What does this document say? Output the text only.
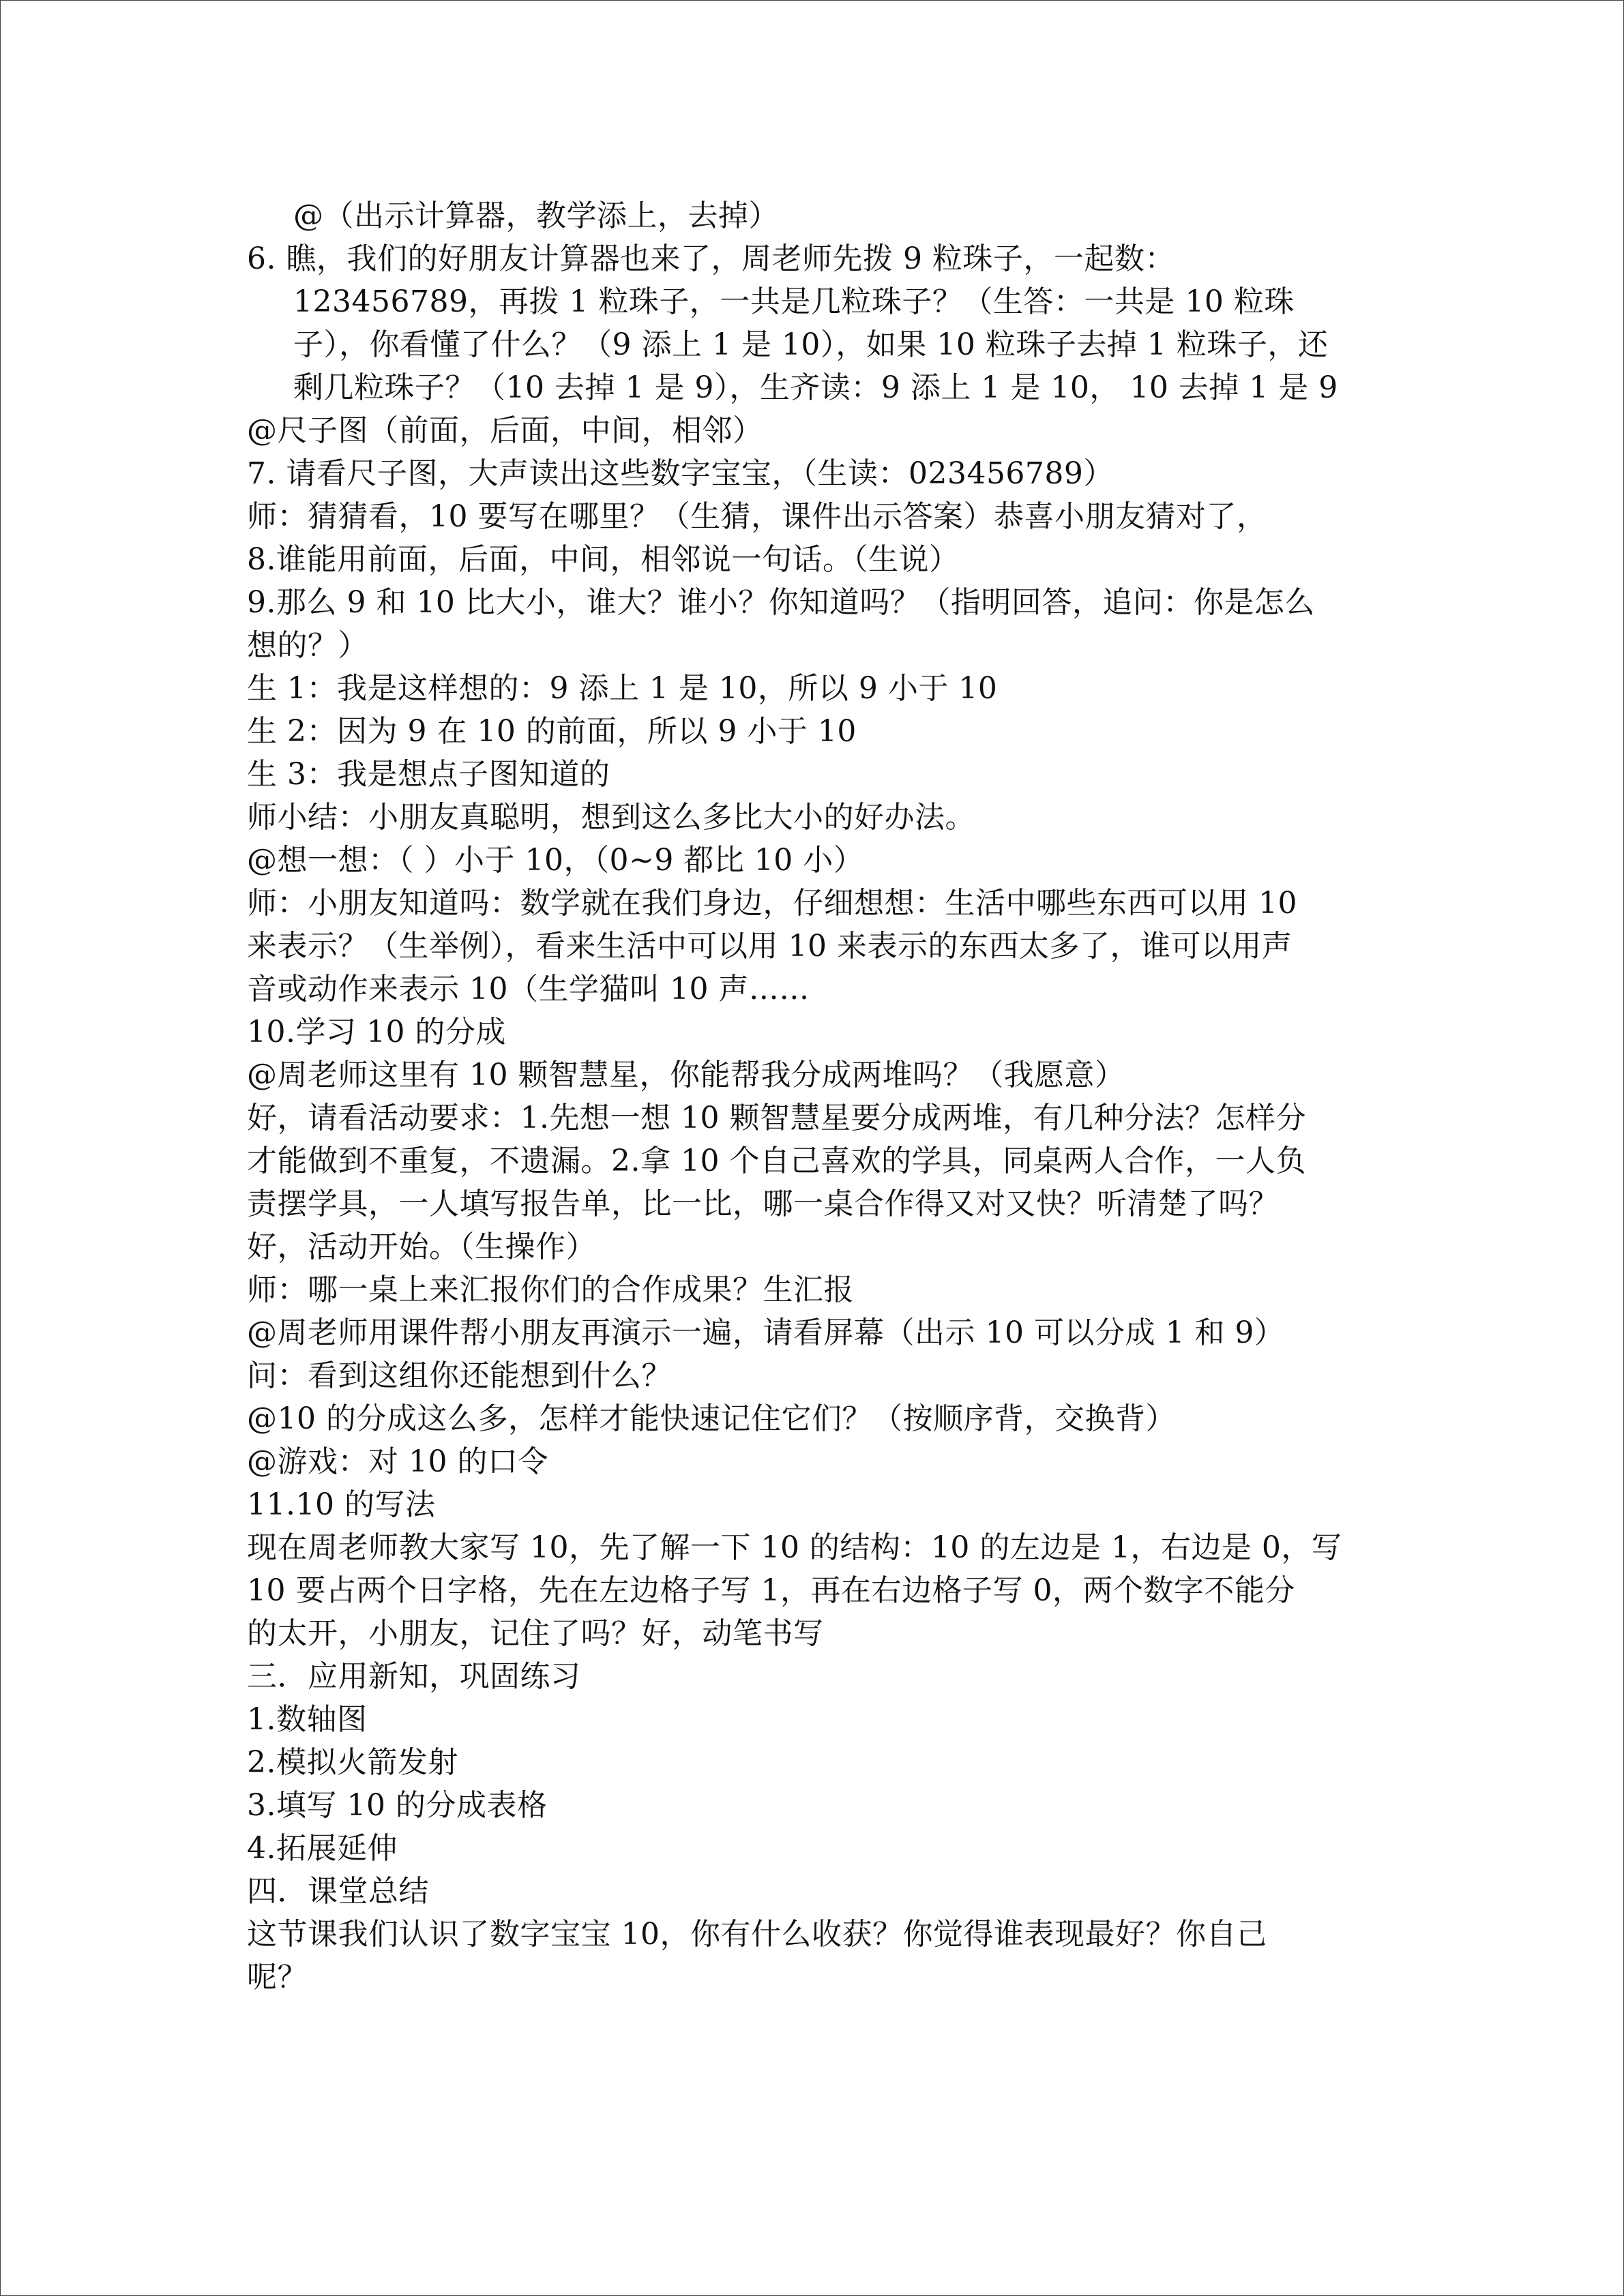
@（出示计算器，教学添上，去掉）
6. 瞧，我们的好朋友计算器也来了，周老师先拨 9 粒珠子，一起数：
123456789，再拨 1 粒珠子，一共是几粒珠子？（生答：一共是 10 粒珠
子），你看懂了什么？（9 添上 1 是 10），如果 10 粒珠子去掉 1 粒珠子，还
剩几粒珠子？（10 去掉 1 是 9），生齐读：9 添上 1 是 10， 10 去掉 1 是 9
@尺子图（前面，后面，中间，相邻）
7. 请看尺子图，大声读出这些数字宝宝，（生读：023456789）
师：猜猜看，10 要写在哪里？（生猜，课件出示答案）恭喜小朋友猜对了，
8.谁能用前面，后面，中间，相邻说一句话。（生说）
9.那么 9 和 10 比大小，谁大？谁小？你知道吗？（指明回答，追问：你是怎么
想的？）
生 1：我是这样想的：9 添上 1 是 10，所以 9 小于 10
生 2：因为 9 在 10 的前面，所以 9 小于 10
生 3：我是想点子图知道的
师小结：小朋友真聪明，想到这么多比大小的好办法。
@想一想：（ ）小于 10，（0~9 都比 10 小）
师：小朋友知道吗：数学就在我们身边，仔细想想：生活中哪些东西可以用 10
来表示？（生举例），看来生活中可以用 10 来表示的东西太多了，谁可以用声
音或动作来表示 10（生学猫叫 10 声……
10.学习 10 的分成
@周老师这里有 10 颗智慧星，你能帮我分成两堆吗？（我愿意）
好，请看活动要求：1.先想一想 10 颗智慧星要分成两堆，有几种分法？怎样分
才能做到不重复，不遗漏。2.拿 10 个自己喜欢的学具，同桌两人合作，一人负
责摆学具，一人填写报告单，比一比，哪一桌合作得又对又快？听清楚了吗？
好，活动开始。（生操作）
师：哪一桌上来汇报你们的合作成果？生汇报
@周老师用课件帮小朋友再演示一遍，请看屏幕（出示 10 可以分成 1 和 9）
问：看到这组你还能想到什么？
@10 的分成这么多，怎样才能快速记住它们？（按顺序背，交换背）
@游戏：对 10 的口令
11.10 的写法
现在周老师教大家写 10，先了解一下 10 的结构：10 的左边是 1，右边是 0，写
10 要占两个日字格，先在左边格子写 1，再在右边格子写 0，两个数字不能分
的太开，小朋友，记住了吗？好，动笔书写
三．应用新知，巩固练习
1.数轴图
2.模拟火箭发射
3.填写 10 的分成表格
4.拓展延伸
四．课堂总结
这节课我们认识了数字宝宝 10，你有什么收获？你觉得谁表现最好？你自己
呢？
